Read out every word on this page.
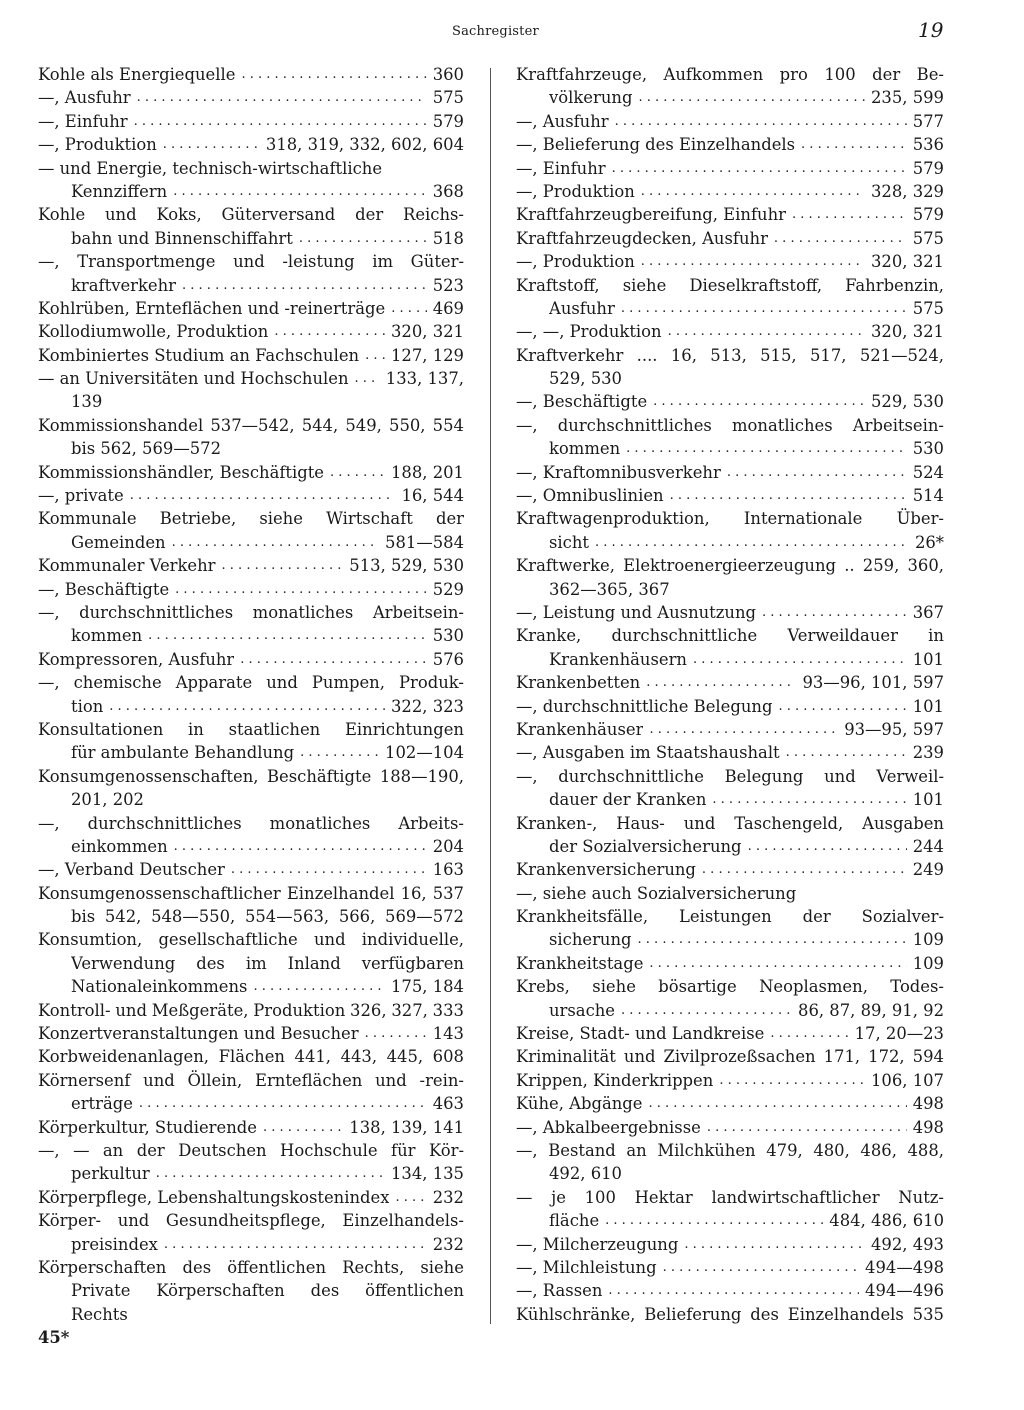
Sachregister	19
Kohle als Energiequelle . . .	360
—, Ausfuhr . . .	575
—, Einfuhr . . .	579
—, Produktion . . .	318, 319, 332, 602, 604
— und Energie, technisch-wirtschaftliche
Kennziffern . . .	368
Kohle und Koks, Güterversand der Reichs-
bahn und Binnenschiffahrt . . .	518
—, Transportmenge und -leistung im Güter-
kraftverkehr . . .	523
Kohlrüben, Ernteflächen und -reinerträge . . .	469
Kollodiumwolle, Produktion . . .	320, 321
Kombiniertes Studium an Fachschulen . . . 127, 129
— an Universitäten und Hochschulen . . . 133, 137,
139
Kommissionshandel 537—542, 544, 549, 550, 554
bis 562, 569—572
Kommissionshändler, Beschäftigte . . .	188, 201
—, private . . .	16, 544
Kommunale Betriebe, siehe Wirtschaft der
Gemeinden . . .	581—584
Kommunaler Verkehr . . .	513, 529, 530
—, Beschäftigte . . .	529
—, durchschnittliches monatliches Arbeitsein-
kommen . . .	530
Kompressoren, Ausfuhr . . .	576
—, chemische Apparate und Pumpen, Produk-
tion . . .	322, 323
Konsultationen in staatlichen Einrichtungen
für ambulante Behandlung . . .	102—104
Konsumgenossenschaften, Beschäftigte 188—190,
201, 202
—, durchschnittliches monatliches Arbeits-
einkommen . . .	204
—, Verband Deutscher . . .	163
Konsumgenossenschaftlicher Einzelhandel 16, 537
bis 542, 548—550, 554—563, 566, 569—572
Konsumtion, gesellschaftliche und individuelle,
Verwendung des im Inland verfügbaren
Nationaleinkommens . . .	175, 184
Kontroll- und Meßgeräte, Produktion 326, 327, 333
Konzertveranstaltungen und Besucher . . .	143
Korbweidenanlagen, Flächen 441, 443, 445, 608
Körnersenf und Öllein, Ernteflächen und -rein-
erträge . . .	463
Körperkultur, Studierende . . .	138, 139, 141
—, — an der Deutschen Hochschule für Kör-
perkultur . . .	134, 135
Körperpflege, Lebenshaltungskostenindex . . .	232
Körper- und Gesundheitspflege, Einzelhandels-
preisindex . . .	232
Körperschaften des öffentlichen Rechts, siehe
Private Körperschaften des öffentlichen
Rechts
Kraftfahrzeuge, Aufkommen pro 100 der Be-
völkerung . . .	235, 599
—, Ausfuhr . . .	577
—, Belieferung des Einzelhandels . . .	536
—, Einfuhr . . .	579
—, Produktion . . .	328, 329
Kraftfahrzeugbereifung, Einfuhr . . .	579
Kraftfahrzeugdecken, Ausfuhr . . .	575
—, Produktion . . .	320, 321
Kraftstoff, siehe Dieselkraftstoff, Fahrbenzin,
Ausfuhr . . .	575
—, —, Produktion . . .	320, 321
Kraftverkehr .... 16, 513, 515, 517, 521—524,
529, 530
—, Beschäftigte . . .	529, 530
—, durchschnittliches monatliches Arbeitsein-
kommen . . .	530
—, Kraftomnibusverkehr . . .	524
—, Omnibuslinien . . .	514
Kraftwagenproduktion, Internationale Über-
sicht . . .	26*
Kraftwerke, Elektroenergieerzeugung .. 259, 360,
362—365, 367
—, Leistung und Ausnutzung . . .	367
Kranke, durchschnittliche Verweildauer in
Krankenhäusern . . .	101
Krankenbetten . . .	93—96, 101, 597
—, durchschnittliche Belegung . . .	101
Krankenhäuser . . .	93—95, 597
—, Ausgaben im Staatshaushalt . . .	239
—, durchschnittliche Belegung und Verweil-
dauer der Kranken . . .	101
Kranken-, Haus- und Taschengeld, Ausgaben
der Sozialversicherung . . .	244
Krankenversicherung . . .	249
—, siehe auch Sozialversicherung
Krankheitsfälle, Leistungen der Sozialver-
sicherung . . .	109
Krankheitstage . . .	109
Krebs, siehe bösartige Neoplasmen, Todes-
ursache . . .	86, 87, 89, 91, 92
Kreise, Stadt- und Landkreise . . .	17, 20—23
Kriminalität und Zivilprozeßsachen 171, 172, 594
Krippen, Kinderkrippen . . .	106, 107
Kühe, Abgänge . . .	498
—, Abkalbeergebnisse . . .	498
—, Bestand an Milchkühen 479, 480, 486, 488,
492, 610
— je 100 Hektar landwirtschaftlicher Nutz-
fläche . . .	484, 486, 610
—, Milcherzeugung . . .	492, 493
—, Milchleistung . . .	494—498
—, Rassen . . .	494—496
Kühlschränke, Belieferung des Einzelhandels 535
45*
